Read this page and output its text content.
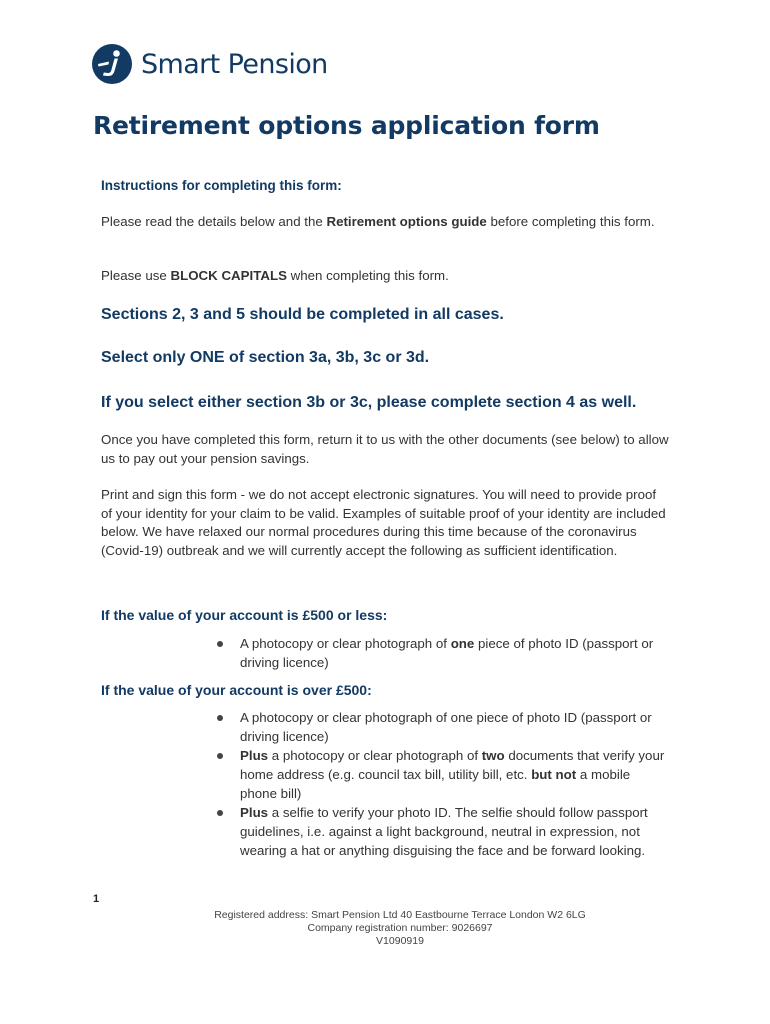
Smart Pension
Retirement options application form
Instructions for completing this form:

Please read the details below and the Retirement options guide before completing this form.

Please use BLOCK CAPITALS when completing this form.

Sections 2, 3 and 5 should be completed in all cases.
Select only ONE of section 3a, 3b, 3c or 3d.
If you select either section 3b or 3c, please complete section 4 as well.

Once you have completed this form, return it to us with the other documents (see below) to allow us to pay out your pension savings.

Print and sign this form - we do not accept electronic signatures. You will need to provide proof of your identity for your claim to be valid. Examples of suitable proof of your identity are included below. We have relaxed our normal procedures during this time because of the coronavirus (Covid-19) outbreak and we will currently accept the following as sufficient identification.

If the value of your account is £500 or less:
If the value of your account is over £500:
A photocopy or clear photograph of one piece of photo ID (passport or driving licence)
A photocopy or clear photograph of one piece of photo ID (passport or driving licence)
Plus a photocopy or clear photograph of two documents that verify your home address (e.g. council tax bill, utility bill, etc. but not a mobile phone bill)
Plus a selfie to verify your photo ID. The selfie should follow passport guidelines, i.e. against a light background, neutral in expression, not wearing a hat or anything disguising the face and be forward looking.
1
Registered address: Smart Pension Ltd 40 Eastbourne Terrace London W2 6LG
Company registration number: 9026697
V1090919
